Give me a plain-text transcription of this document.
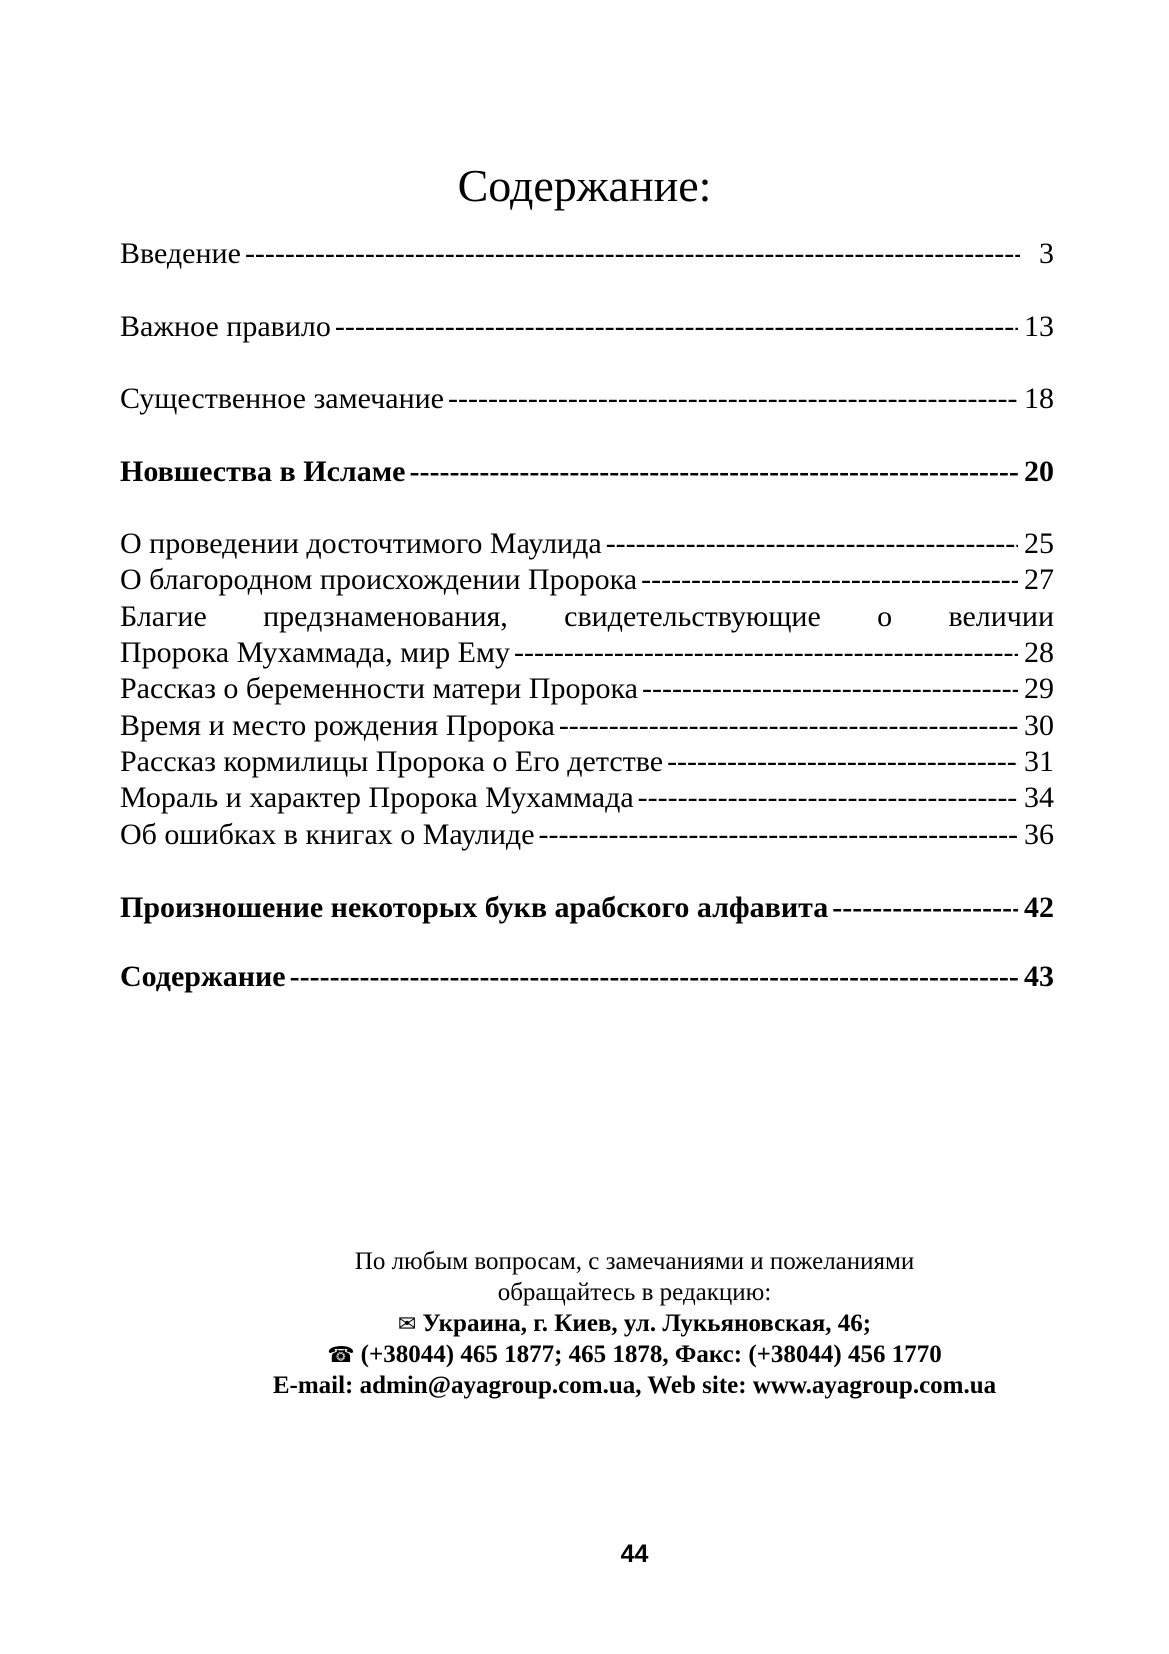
Содержание:
Введение -----	3
Важное правило -----	13
Существенное замечание -----	18
Новшества в Исламе -----	20
О проведении досточтимого Маулида -----	25
О благородном происхождении Пророка -----	27
Благие предзнаменования, свидетельствующие о величии
Пророка Мухаммада, мир Ему -----	28
Рассказ о беременности матери Пророка -----	29
Время и место рождения Пророка -----	30
Рассказ кормилицы Пророка о Его детстве -----	31
Мораль и характер Пророка Мухаммада -----	34
Об ошибках в книгах о Маулиде -----	36
Произношение некоторых букв арабского алфавита -----	42
Содержание -----	43
По любым вопросам, с замечаниями и пожеланиями
обращайтесь в редакцию:
✉ Украина, г. Киев, ул. Лукьяновская, 46;
☎ (+38044) 465 1877; 465 1878, Факс: (+38044) 456 1770
E-mail: admin@ayagroup.com.ua, Web site: www.ayagroup.com.ua
44
